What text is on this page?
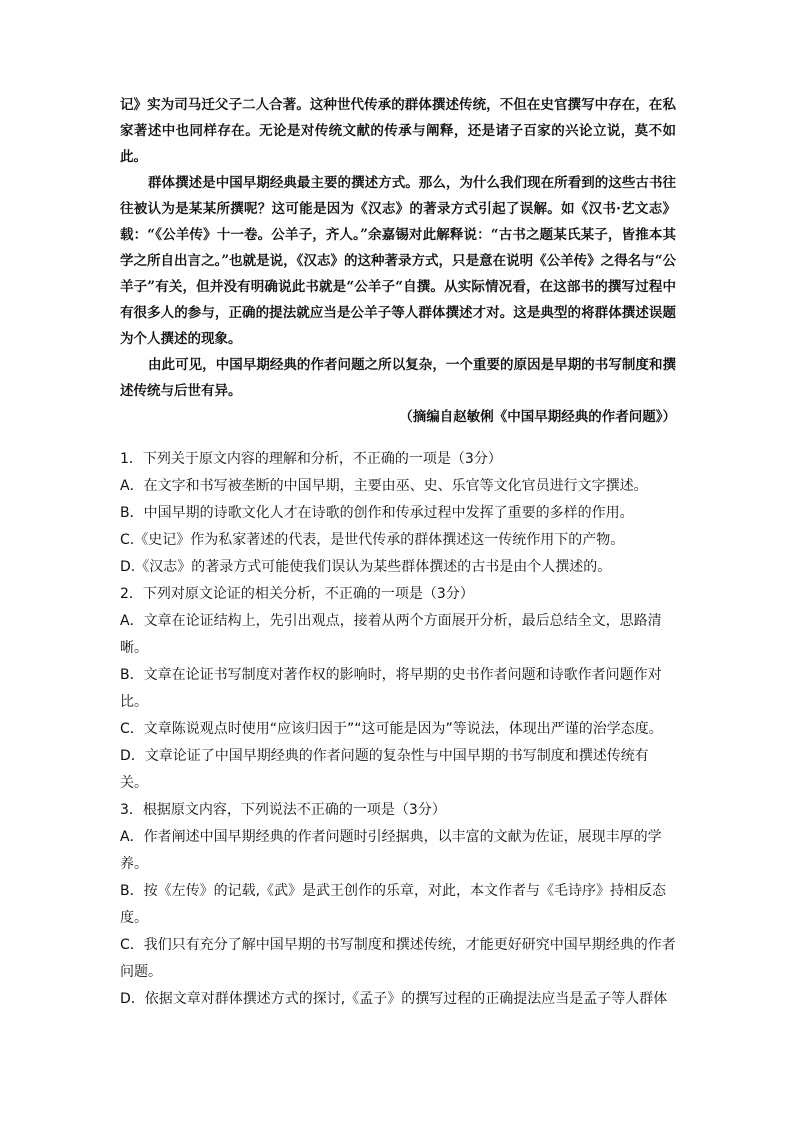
记》实为司马迁父子二人合著。这种世代传承的群体撰述传统，不但在史官撰写中存在，在私家著述中也同样存在。无论是对传统文献的传承与阐释，还是诸子百家的兴论立说，莫不如此。

群体撰述是中国早期经典最主要的撰述方式。那么，为什么我们现在所看到的这些古书往往被认为是某某所撰呢？这可能是因为《汉志》的著录方式引起了误解。如《汉书·艺文志》载：“《公羊传》十一卷。公羊子，齐人。”余嘉锡对此解释说：“古书之题某氏某子，皆推本其学之所自出言之。”也就是说，《汉志》的这种著录方式，只是意在说明《公羊传》之得名与“公羊子”有关，但并没有明确说此书就是“公羊子“自撰。从实际情况看，在这部书的撰写过程中有很多人的参与，正确的提法就应当是公羊子等人群体撰述才对。这是典型的将群体撰述误题为个人撰述的现象。

由此可见，中国早期经典的作者问题之所以复杂，一个重要的原因是早期的书写制度和撰述传统与后世有异。

（摘编自赵敏俐《中国早期经典的作者问题》）

1．下列关于原文内容的理解和分析，不正确的一项是（3分）

A．在文字和书写被垄断的中国早期，主要由巫、史、乐官等文化官员进行文字撰述。

B．中国早期的诗歌文化人才在诗歌的创作和传承过程中发挥了重要的多样的作用。

C.《史记》作为私家著述的代表，是世代传承的群体撰述这一传统作用下的产物。

D.《汉志》的著录方式可能使我们误认为某些群体撰述的古书是由个人撰述的。

2．下列对原文论证的相关分析，不正确的一项是（3分）

A．文章在论证结构上，先引出观点，接着从两个方面展开分析，最后总结全文，思路清晰。

B．文章在论证书写制度对著作权的影响时，将早期的史书作者问题和诗歌作者问题作对比。

C．文章陈说观点时使用“应该归因于”“这可能是因为”等说法，体现出严谨的治学态度。

D．文章论证了中国早期经典的作者问题的复杂性与中国早期的书写制度和撰述传统有关。

3．根据原文内容，下列说法不正确的一项是（3分）

A．作者阐述中国早期经典的作者问题时引经据典，以丰富的文献为佐证，展现丰厚的学养。

B．按《左传》的记载,《武》是武王创作的乐章，对此，本文作者与《毛诗序》持相反态度。

C．我们只有充分了解中国早期的书写制度和撰述传统，才能更好研究中国早期经典的作者问题。

D．依据文章对群体撰述方式的探讨,《孟子》的撰写过程的正确提法应当是孟子等人群体
